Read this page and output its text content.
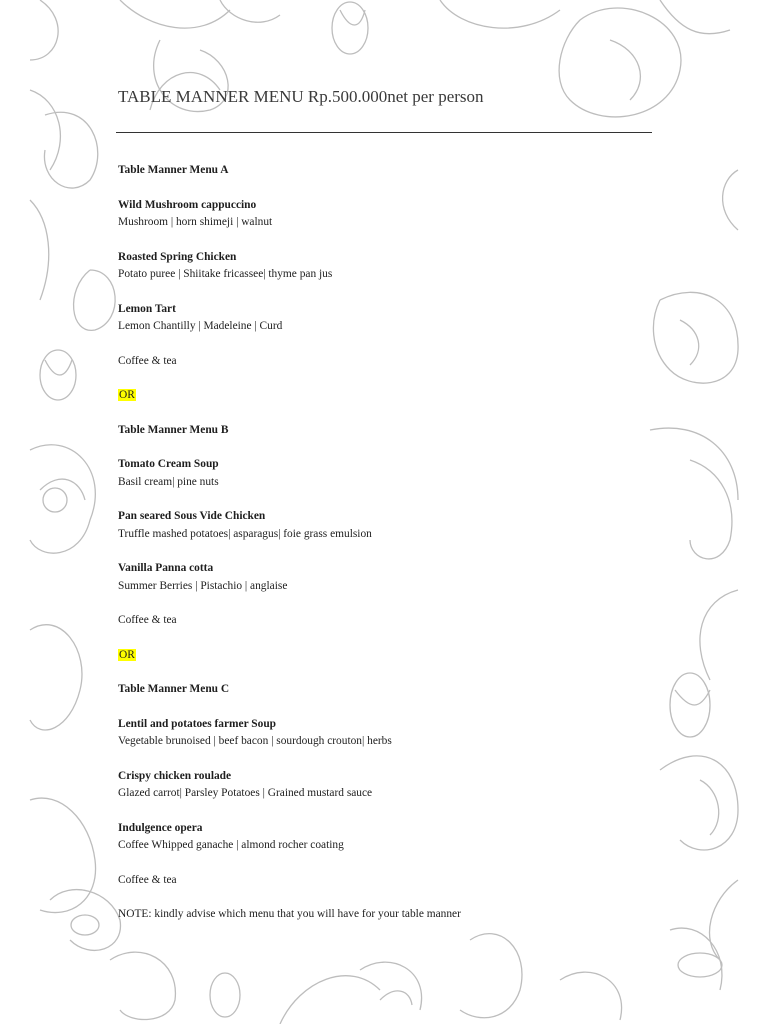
TABLE MANNER MENU Rp.500.000net per person
Table Manner Menu A
Wild Mushroom cappuccino
Mushroom | horn shimeji | walnut
Roasted Spring Chicken
Potato puree | Shiitake fricassee| thyme pan jus
Lemon Tart
Lemon Chantilly | Madeleine | Curd
Coffee & tea
OR
Table Manner Menu B
Tomato Cream Soup
Basil cream| pine nuts
Pan seared Sous Vide Chicken
Truffle mashed potatoes| asparagus| foie grass emulsion
Vanilla Panna cotta
Summer Berries | Pistachio | anglaise
Coffee & tea
OR
Table Manner Menu C
Lentil and potatoes farmer Soup
Vegetable brunoised | beef bacon | sourdough crouton| herbs
Crispy chicken roulade
Glazed carrot| Parsley Potatoes | Grained mustard sauce
Indulgence opera
Coffee Whipped ganache | almond rocher coating
Coffee & tea
NOTE: kindly advise which menu that you will have for your table manner
